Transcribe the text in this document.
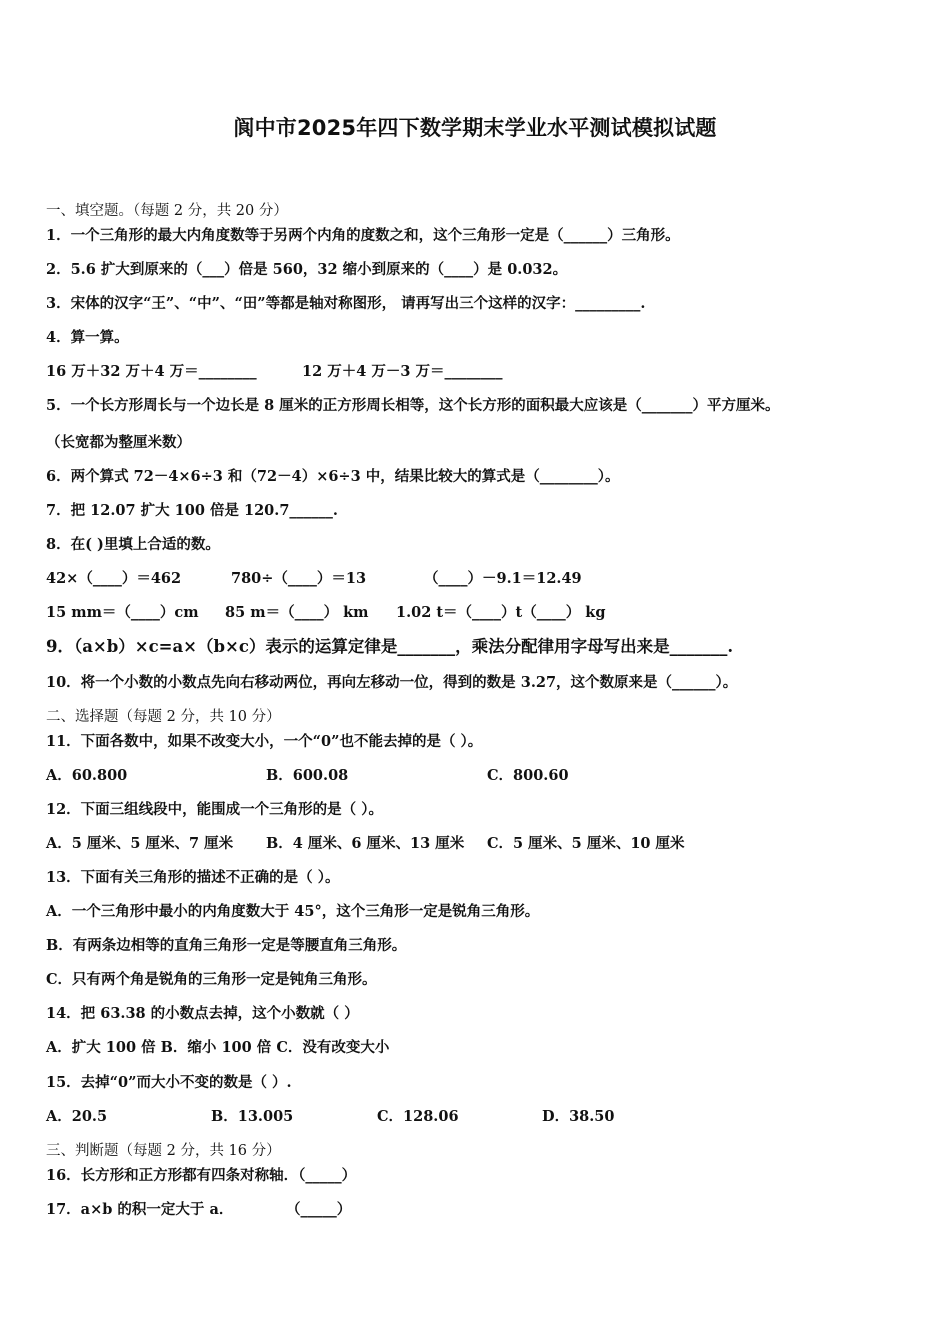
阆中市2025年四下数学期末学业水平测试模拟试题
一、填空题。（每题 2 分，共 20 分）
1．一个三角形的最大内角度数等于另两个内角的度数之和，这个三角形一定是（______）三角形。
2．5.6 扩大到原来的（___）倍是 560，32 缩小到原来的（____）是 0.032。
3．宋体的汉字“王”、“中”、“田”等都是轴对称图形， 请再写出三个这样的汉字：_________.
4．算一算。
16 万＋32 万＋4 万＝________	12 万＋4 万－3 万＝________
5．一个长方形周长与一个边长是 8 厘米的正方形周长相等，这个长方形的面积最大应该是（_______）平方厘米。
（长宽都为整厘米数）
6．两个算式 72－4×6÷3 和（72－4）×6÷3 中，结果比较大的算式是（________）。
7．把 12.07 扩大 100 倍是 120.7______.
8．在( )里填上合适的数。
42×（____）＝462	780÷（____）＝13	（____）－9.1＝12.49
15 mm＝（____）cm 85 m＝（____） km 1.02 t＝（____）t（____） kg
9．（a×b）×c=a×（b×c）表示的运算定律是_______，乘法分配律用字母写出来是_______.
10．将一个小数的小数点先向右移动两位，再向左移动一位，得到的数是 3.27，这个数原来是（______）。
二、选择题（每题 2 分，共 10 分）
11．下面各数中，如果不改变大小，一个“0”也不能去掉的是（ ）。
A．60.800	B．600.08	C．800.60
12．下面三组线段中，能围成一个三角形的是（ ）。
A．5 厘米、5 厘米、7 厘米 B．4 厘米、6 厘米、13 厘米 C．5 厘米、5 厘米、10 厘米
13．下面有关三角形的描述不正确的是（ ）。
A．一个三角形中最小的内角度数大于 45°，这个三角形一定是锐角三角形。
B．有两条边相等的直角三角形一定是等腰直角三角形。
C．只有两个角是锐角的三角形一定是钝角三角形。
14．把 63.38 的小数点去掉，这个小数就（ ）
A．扩大 100 倍 B．缩小 100 倍 C．没有改变大小
15．去掉“0”而大小不变的数是（ ）.
A．20.5	B．13.005	C．128.06	D．38.50
三、判断题（每题 2 分，共 16 分）
16．长方形和正方形都有四条对称轴．（_____）
17．a×b 的积一定大于 a．	（_____）
